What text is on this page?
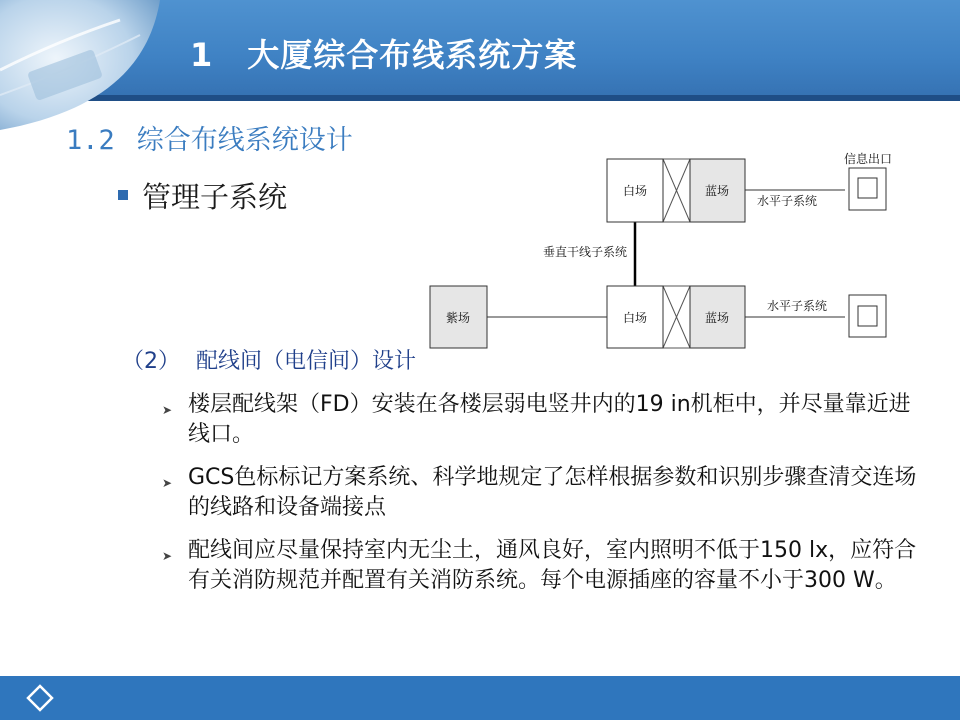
1 大厦综合布线系统方案
1.2 综合布线系统设计
管理子系统
紫场
白场	蓝场
白场	蓝场
垂直干线子系统
水平子系统
水平子系统
信息出口
（2） 配线间（电信间）设计
➤ 楼层配线架（FD）安装在各楼层弱电竖井内的19 in机柜中，并尽量靠近进线口。
➤ GCS色标标记方案系统、科学地规定了怎样根据参数和识别步骤查清交连场的线路和设备端接点
➤ 配线间应尽量保持室内无尘土，通风良好，室内照明不低于150 lx，应符合有关消防规范并配置有关消防系统。每个电源插座的容量不小于300 W。
